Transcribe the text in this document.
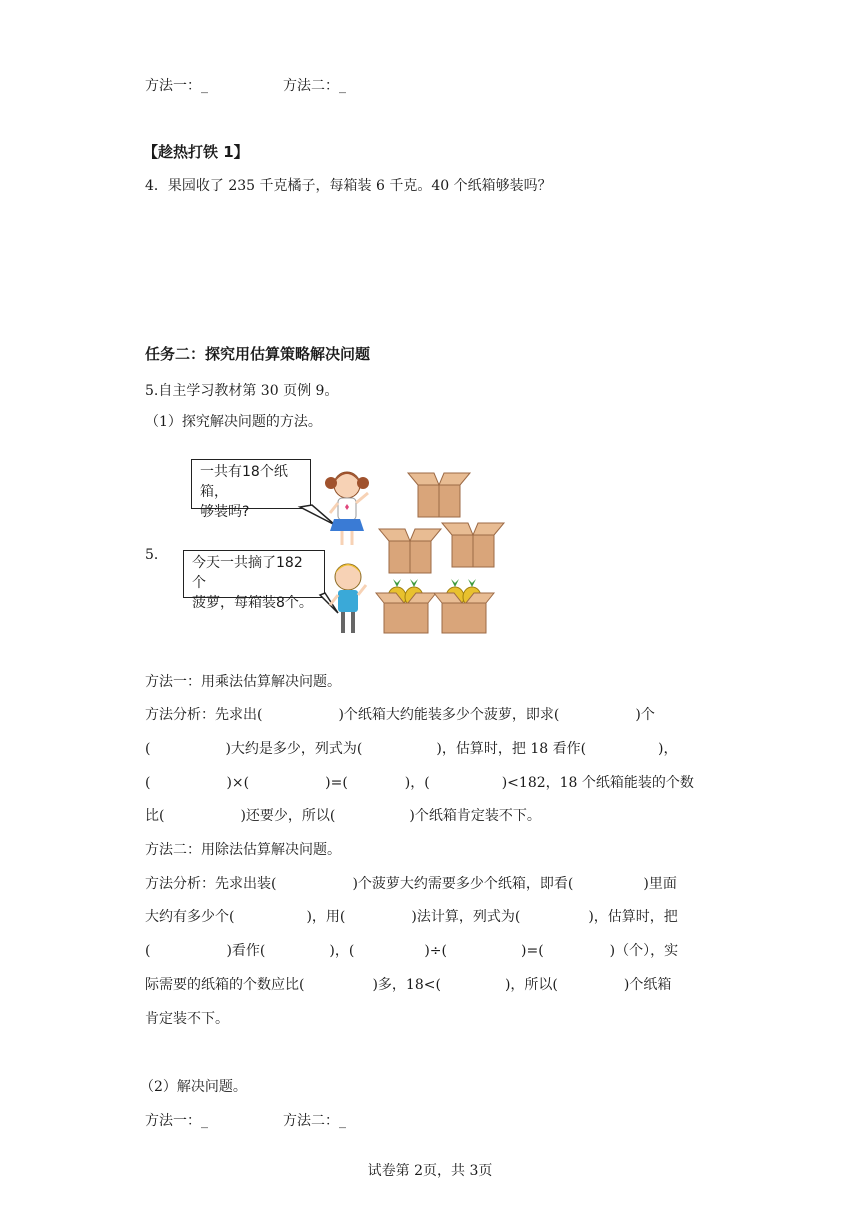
方法一：_	方法二：_
【趁热打铁 1】
4．果园收了 235 千克橘子，每箱装 6 千克。40 个纸箱够装吗？
任务二：探究用估算策略解决问题
5.自主学习教材第 30 页例 9。
（1）探究解决问题的方法。
5．
一共有18个纸箱，
够装吗?
今天一共摘了182个
菠萝，每箱装8个。
方法一：用乘法估算解决问题。
方法分析：先求出(	)个纸箱大约能装多少个菠萝，即求(	)个
(	)大约是多少，列式为(	)，估算时，把 18 看作(	)，
(	)×(	)=(	)，(	)<182，18 个纸箱能装的个数
比(	)还要少，所以(	)个纸箱肯定装不下。
方法二：用除法估算解决问题。
方法分析：先求出装(	)个菠萝大约需要多少个纸箱，即看(	)里面
大约有多少个(	)，用(	)法计算，列式为(	)，估算时，把
(	)看作(	)，(	)÷(	)=(	)（个），实
际需要的纸箱的个数应比(	)多，18<(	)，所以(	)个纸箱
肯定装不下。
（2）解决问题。
方法一：_	方法二：_
试卷第 2页，共 3页
